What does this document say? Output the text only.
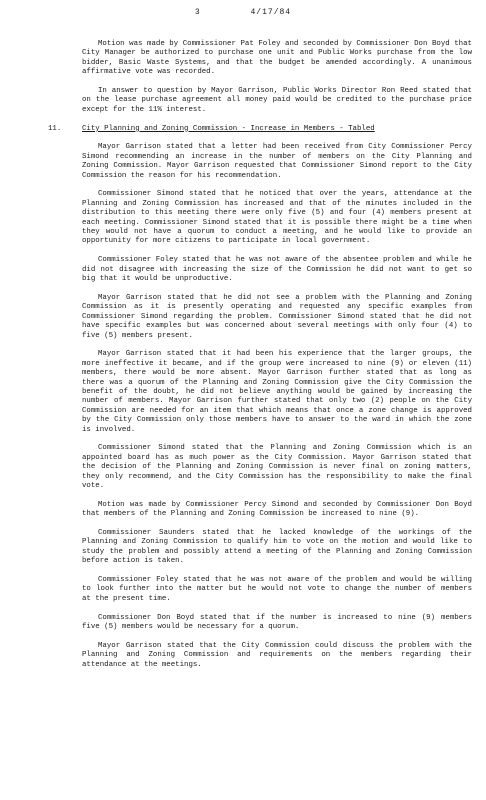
3	4/17/84

Motion was made by Commissioner Pat Foley and seconded by Commissioner Don Boyd that City Manager be authorized to purchase one unit and Public Works purchase from the low bidder, Basic Waste Systems, and that the budget be amended accordingly. A unanimous affirmative vote was recorded.

In answer to question by Mayor Garrison, Public Works Director Ron Reed stated that on the lease purchase agreement all money paid would be credited to the purchase price except for the 11% interest.

11.	City Planning and Zoning Commission - Increase in Members - Tabled

Mayor Garrison stated that a letter had been received from City Commissioner Percy Simond recommending an increase in the number of members on the City Planning and Zoning Commission. Mayor Garrison requested that Commissioner Simond report to the City Commission the reason for his recommendation.

Commissioner Simond stated that he noticed that over the years, attendance at the Planning and Zoning Commission has increased and that of the minutes included in the distribution to this meeting there were only five (5) and four (4) members present at each meeting. Commissioner Simond stated that it is possible there might be a time when they would not have a quorum to conduct a meeting, and he would like to provide an opportunity for more citizens to participate in local government.

Commissioner Foley stated that he was not aware of the absentee problem and while he did not disagree with increasing the size of the Commission he did not want to get so big that it would be unproductive.

Mayor Garrison stated that he did not see a problem with the Planning and Zoning Commission as it is presently operating and requested any specific examples from Commissioner Simond regarding the problem. Commissioner Simond stated that he did not have specific examples but was concerned about several meetings with only four (4) to five (5) members present.

Mayor Garrison stated that it had been his experience that the larger groups, the more ineffective it became, and if the group were increased to nine (9) or eleven (11) members, there would be more absent. Mayor Garrison further stated that as long as there was a quorum of the Planning and Zoning Commission give the City Commission the benefit of the doubt, he did not believe anything would be gained by increasing the number of members. Mayor Garrison further stated that only two (2) people on the City Commission are needed for an item that which means that once a zone change is approved by the City Commission only those members have to answer to the ward in which the zone is involved.

Commissioner Simond stated that the Planning and Zoning Commission which is an appointed board has as much power as the City Commission. Mayor Garrison stated that the decision of the Planning and Zoning Commission is never final on zoning matters, they only recommend, and the City Commission has the responsibility to make the final vote.

Motion was made by Commissioner Percy Simond and seconded by Commissioner Don Boyd that members of the Planning and Zoning Commission be increased to nine (9).

Commissioner Saunders stated that he lacked knowledge of the workings of the Planning and Zoning Commission to qualify him to vote on the motion and would like to study the problem and possibly attend a meeting of the Planning and Zoning Commission before action is taken.

Commissioner Foley stated that he was not aware of the problem and would be willing to look further into the matter but he would not vote to change the number of members at the present time.

Commissioner Don Boyd stated that if the number is increased to nine (9) members five (5) members would be necessary for a quorum.

Mayor Garrison stated that the City Commission could discuss the problem with the Planning and Zoning Commission and requirements on the members regarding their attendance at the meetings.
